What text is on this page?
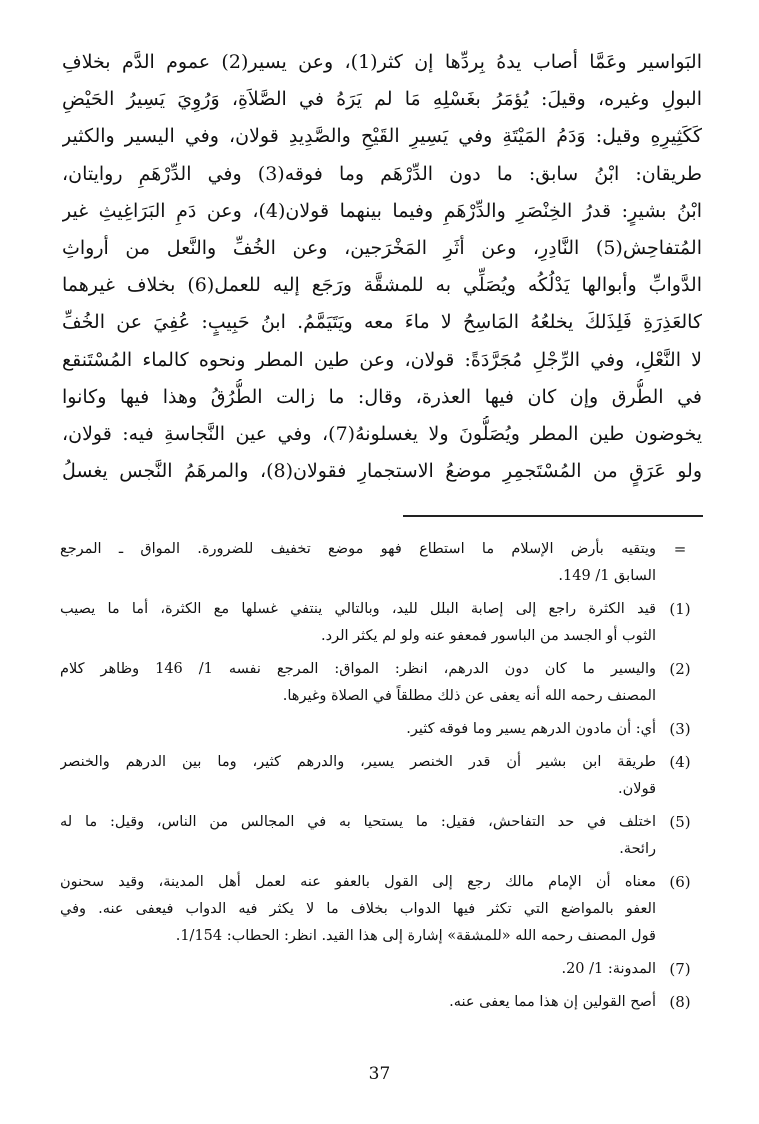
البَواسير وعَمَّا أصاب يدهُ بِردِّها إن كثر(1)، وعن يسير(2) عموم الدَّم بخلافِ
البولِ وغيره، وقيلَ: يُؤمَرُ بغَسْلِهِ مَا لم يَرَهُ في الصَّلاَةِ، وَرُوِيَ يَسِيرُ الحَيْضِ
كَكَثِيرِهِ وقيل: وَدَمُ المَيْتَةِ وفي يَسِيرِ القَيْحِ والصَّدِيدِ قولان، وفي اليسير والكثير
طريقان: ابْنُ سابق: ما دون الدِّرْهَم وما فوقه(3) وفي الدِّرْهَمِ روايتان،
ابْنُ بشيرٍ: قدرُ الخِنْصَرِ والدِّرْهَمِ وفيما بينهما قولان(4)، وعن دَمِ البَرَاغِيثِ غير
المُتفاحِش(5) النَّادِرِ، وعن أثَرِ المَخْرَجين، وعن الخُفِّ والنَّعل من أرواثِ
الدَّوابِّ وأبوالها يَدْلُكُه ويُصَلِّي به للمشقَّة ورَجَع إليه للعمل(6) بخلاف غيرهما
كالعَذِرَةِ فَلِذَلكَ يخلعُهُ المَاسِحُ لا ماءَ معه ويَتَيَمَّمُ. ابنُ حَبِيبٍ: عُفِيَ عن الخُفِّ
لا النَّعْلِ، وفي الرِّجْلِ مُجَرَّدَةً: قولان، وعن طين المطر ونحوه كالماء المُسْتَنقع
في الطُّرق وإن كان فيها العذرة، وقال: ما زالت الطُّرُقُ وهذا فيها وكانوا
يخوضون طين المطر ويُصَلُّونَ ولا يغسلونهُ(7)، وفي عين النَّجاسةِ فيه: قولان،
ولو عَرَقٍ من المُسْتَجمِرِ موضعُ الاستجمارِ فقولان(8)، والمرهَمُ النَّجس يغسلُ
=
ويتقيه بأرض الإسلام ما استطاع فهو موضع تخفيف للضرورة. المواق ـ المرجع
السابق 1/ 149.
(1)
قيد الكثرة راجع إلى إصابة البلل لليد، وبالتالي ينتفي غسلها مع الكثرة، أما ما يصيب
الثوب أو الجسد من الباسور فمعفو عنه ولو لم يكثر الرد.
(2)
واليسير ما كان دون الدرهم، انظر: المواق: المرجع نفسه 1/ 146 وظاهر كلام
المصنف رحمه الله أنه يعفى عن ذلك مطلقاً في الصلاة وغيرها.
(3)
أي: أن مادون الدرهم يسير وما فوقه كثير.
(4)
طريقة ابن بشير أن قدر الخنصر يسير، والدرهم كثير، وما بين الدرهم والخنصر
قولان.
(5)
اختلف في حد التفاحش، فقيل: ما يستحيا به في المجالس من الناس، وقيل: ما له
رائحة.
(6)
معناه أن الإمام مالك رجع إلى القول بالعفو عنه لعمل أهل المدينة، وقيد سحنون
العفو بالمواضع التي تكثر فيها الدواب بخلاف ما لا يكثر فيه الدواب فيعفى عنه. وفي
قول المصنف رحمه الله «للمشقة» إشارة إلى هذا القيد. انظر: الحطاب: 1/154.
(7)
المدونة: 1/ 20.
(8)
أصح القولين إن هذا مما يعفى عنه.
37
